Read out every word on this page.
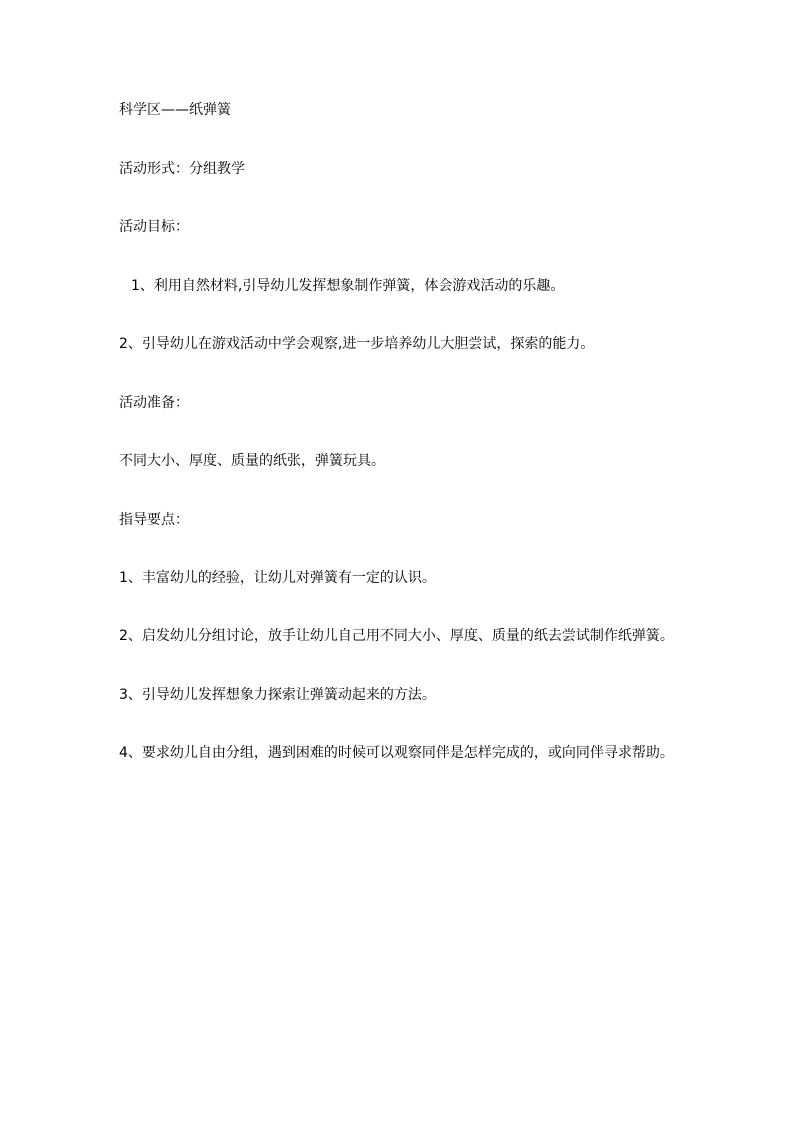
科学区——纸弹簧
活动形式：分组教学
活动目标：
1、利用自然材料,引导幼儿发挥想象制作弹簧，体会游戏活动的乐趣。
2、引导幼儿在游戏活动中学会观察,进一步培养幼儿大胆尝试，探索的能力。
活动准备：
不同大小、厚度、质量的纸张，弹簧玩具。
指导要点：
1、丰富幼儿的经验，让幼儿对弹簧有一定的认识。
2、启发幼儿分组讨论，放手让幼儿自己用不同大小、厚度、质量的纸去尝试制作纸弹簧。
3、引导幼儿发挥想象力探索让弹簧动起来的方法。
4、要求幼儿自由分组，遇到困难的时候可以观察同伴是怎样完成的，或向同伴寻求帮助。
